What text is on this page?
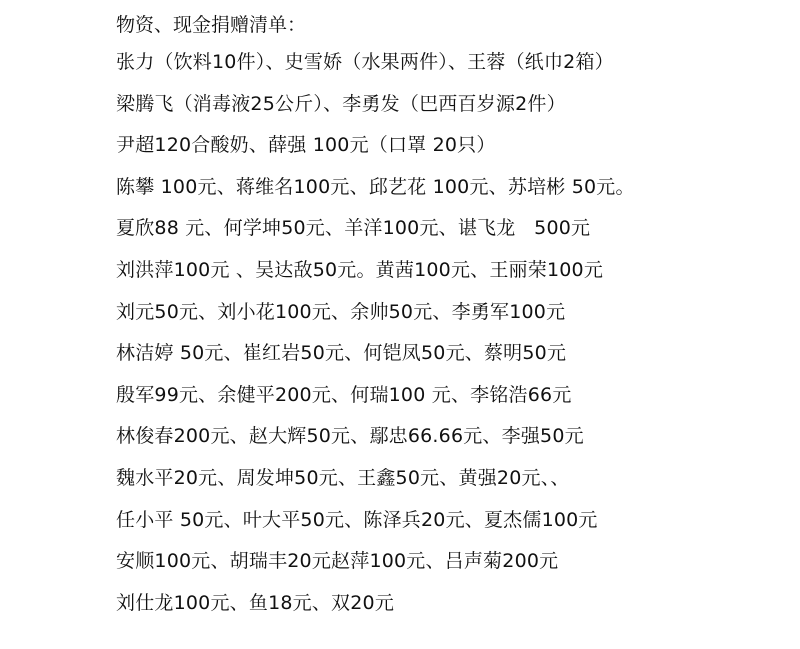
物资、现金捐赠清单：
张力（饮料10件）、史雪娇（水果两件）、王蓉（纸巾2箱）
梁腾飞（消毒液25公斤）、李勇发（巴西百岁源2件）
尹超120合酸奶、薛强 100元（口罩 20只）
陈攀 100元、蒋维名100元、邱艺花 100元、苏培彬 50元。
夏欣88 元、何学坤50元、羊洋100元、谌飞龙   500元
刘洪萍100元 、吴达敌50元。黄茜100元、王丽荣100元
刘元50元、刘小花100元、余帅50元、李勇军100元
林洁婷 50元、崔红岩50元、何铠凤50元、蔡明50元
殷军99元、余健平200元、何瑞100 元、李铭浩66元
林俊春200元、赵大辉50元、鄢忠66.66元、李强50元
魏水平20元、周发坤50元、王鑫50元、黄强20元、、
任小平 50元、叶大平50元、陈泽兵20元、夏杰儒100元
安顺100元、胡瑞丰20元赵萍100元、吕声菊200元
刘仕龙100元、鱼18元、双20元
